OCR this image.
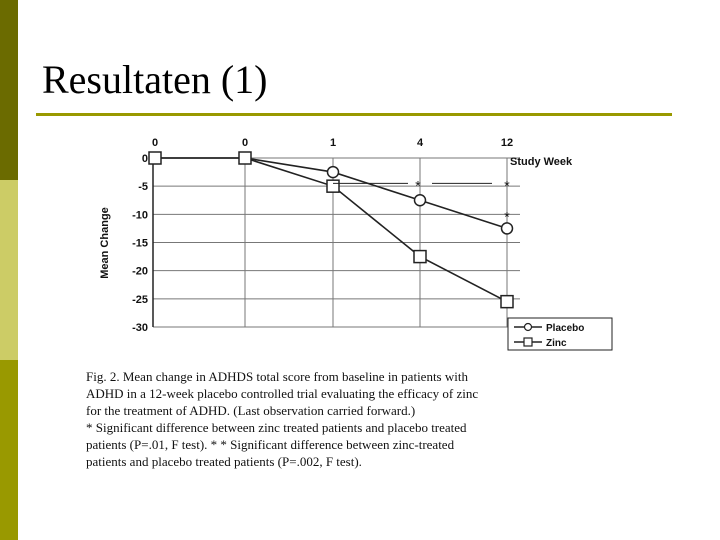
Resultaten (1)
0	0	1	4	12
0
-5
-10
-15
-20
-25
-30
Study Week
Mean Change
*	*
*
Placebo
Zinc

Fig. 2. Mean change in ADHDS total score from baseline in patients with
ADHD in a 12-week placebo controlled trial evaluating the efficacy of zinc
for the treatment of ADHD. (Last observation carried forward.)
* Significant difference between zinc treated patients and placebo treated
patients (P=.01, F test). * * Significant difference between zinc-treated
patients and placebo treated patients (P=.002, F test).
